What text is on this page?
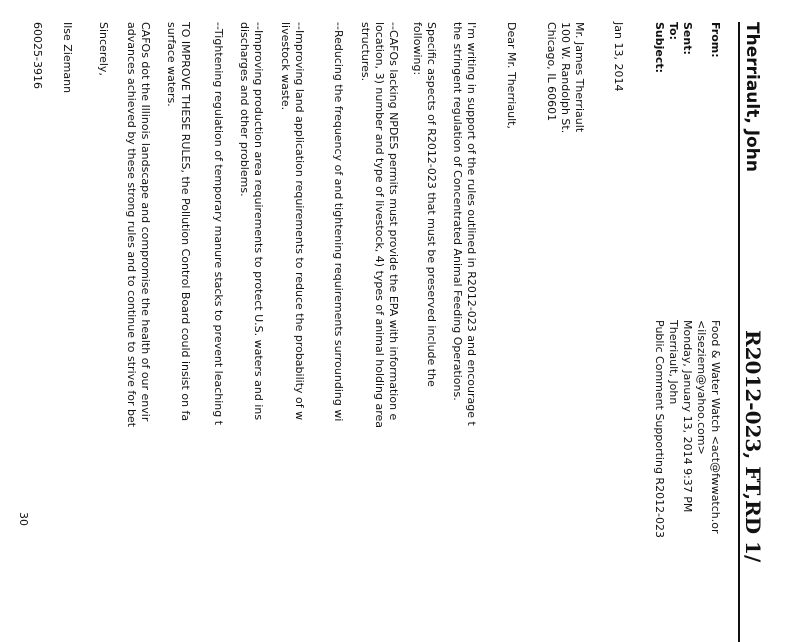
Therriault, John
R2012-023, FT,RD 1/
From:
Food & Water Watch <act@fwwatch.or
<ilseziem@yahoo.com>
Sent:
Monday, January 13, 2014 9:37 PM
To:
Therriault, John
Subject:
Public Comment Supporting R2012-023
Jan 13, 2014
Mr. James Therriault
100 W. Randolph St.
Chicago, IL 60601
Dear Mr. Therriault,
I'm writing in support of the rules outlined in R2012-023 and encourage t
the stringent regulation of Concentrated Animal Feeding Operations.
Specific aspects of R2012-023 that must be preserved include the
following:
--CAFOs lacking NPDES permits must provide the EPA with information e
location, 3) number and type of livestock, 4) types of animal holding area
structures.
--Reducing the frequency of and tightening requirements surrounding wi
--Improving land application requirements to reduce the probability of w
livestock waste.
--Improving production area requirements to protect U.S. waters and ins
discharges and other problems.
--Tightening regulation of temporary manure stacks to prevent leaching t
TO IMPROVE THESE RULES, the Pollution Control Board could insist on fa
surface waters.
CAFOs dot the Illinois landscape and compromise the health of our envir
advances achieved by these strong rules and to continue to strive for bet
Sincerely,
Ilse Ziemann
60025-3916
30
